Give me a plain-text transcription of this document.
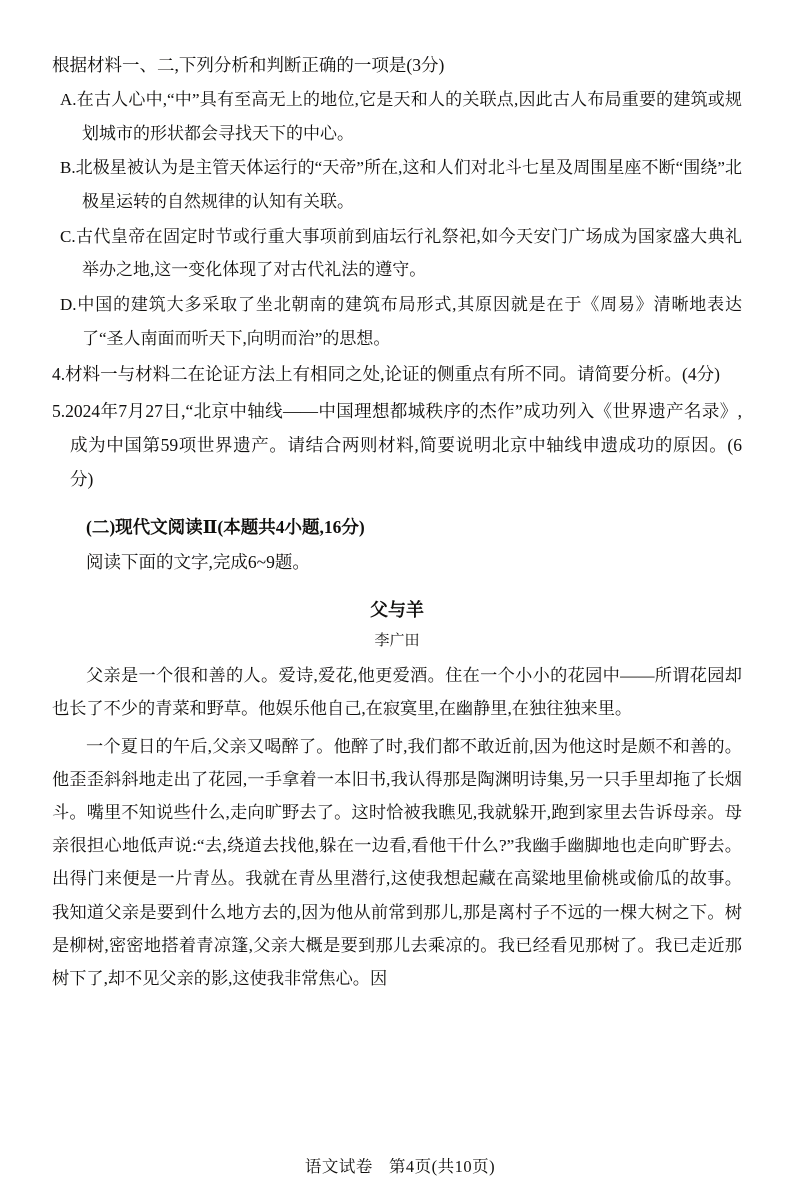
根据材料一、二,下列分析和判断正确的一项是(3分)
A.在古人心中,“中”具有至高无上的地位,它是天和人的关联点,因此古人布局重要的建筑或规划城市的形状都会寻找天下的中心。
B.北极星被认为是主管天体运行的“天帝”所在,这和人们对北斗七星及周围星座不断“围绕”北极星运转的自然规律的认知有关联。
C.古代皇帝在固定时节或行重大事项前到庙坛行礼祭祀,如今天安门广场成为国家盛大典礼举办之地,这一变化体现了对古代礼法的遵守。
D.中国的建筑大多采取了坐北朝南的建筑布局形式,其原因就是在于《周易》清晰地表达了“圣人南面而听天下,向明而治”的思想。
4.材料一与材料二在论证方法上有相同之处,论证的侧重点有所不同。请简要分析。(4分)
5.2024年7月27日,“北京中轴线——中国理想都城秩序的杰作”成功列入《世界遗产名录》,成为中国第59项世界遗产。请结合两则材料,简要说明北京中轴线申遗成功的原因。(6分)
(二)现代文阅读Ⅱ(本题共4小题,16分)
阅读下面的文字,完成6~9题。
父与羊
李广田
父亲是一个很和善的人。爱诗,爱花,他更爱酒。住在一个小小的花园中——所谓花园却也长了不少的青菜和野草。他娱乐他自己,在寂寞里,在幽静里,在独往独来里。
一个夏日的午后,父亲又喝醉了。他醉了时,我们都不敢近前,因为他这时是颇不和善的。他歪歪斜斜地走出了花园,一手拿着一本旧书,我认得那是陶渊明诗集,另一只手里却拖了长烟斗。嘴里不知说些什么,走向旷野去了。这时恰被我瞧见,我就躲开,跑到家里去告诉母亲。母亲很担心地低声说:“去,绕道去找他,躲在一边看,看他干什么?”我幽手幽脚地也走向旷野去。出得门来便是一片青丛。我就在青丛里潜行,这使我想起藏在高粱地里偷桃或偷瓜的故事。我知道父亲是要到什么地方去的,因为他从前常到那儿,那是离村子不远的一棵大树之下。树是柳树,密密地搭着青凉篷,父亲大概是要到那儿去乘凉的。我已经看见那树了。我已走近那树下了,却不见父亲的影,这使我非常焦心。因
语文试卷 第4页(共10页)
